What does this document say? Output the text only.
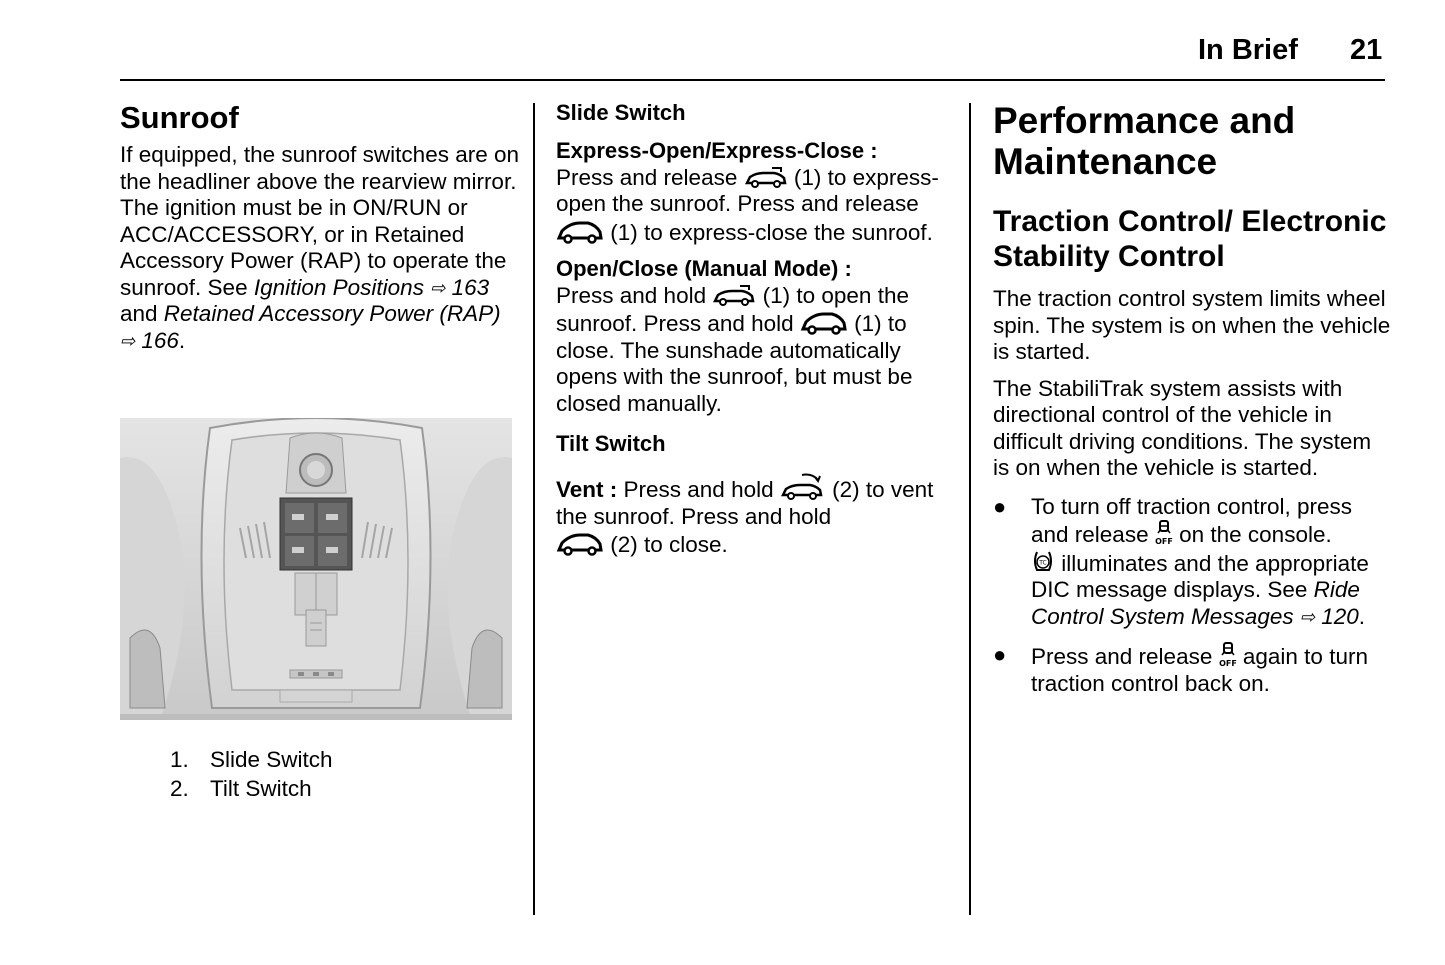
In Brief 21
Sunroof

If equipped, the sunroof switches are on the headliner above the rearview mirror. The ignition must be in ON/RUN or ACC/ACCESSORY, or in Retained Accessory Power (RAP) to operate the sunroof. See Ignition Positions ⇨ 163 and Retained Accessory Power (RAP) ⇨ 166.

1. Slide Switch
2. Tilt Switch
Slide Switch

Express-Open/Express-Close :
Press and release  (1) to express-open the sunroof. Press and release  (1) to express-close the sunroof.

Open/Close (Manual Mode) :
Press and hold  (1) to open the sunroof. Press and hold  (1) to close. The sunshade automatically opens with the sunroof, but must be closed manually.

Tilt Switch

Vent : Press and hold  (2) to vent the sunroof. Press and hold
(2) to close.

Performance and Maintenance
Traction Control/ Electronic Stability Control

The traction control system limits wheel spin. The system is on when the vehicle is started.

The StabiliTrak system assists with directional control of the vehicle in difficult driving conditions. The system is on when the vehicle is started.

● To turn off traction control, press and release OFF on the console.

TC illuminates and the appropriate DIC message displays. See Ride Control System Messages ⇨ 120.
● Press and release OFF again to turn traction control back on.
